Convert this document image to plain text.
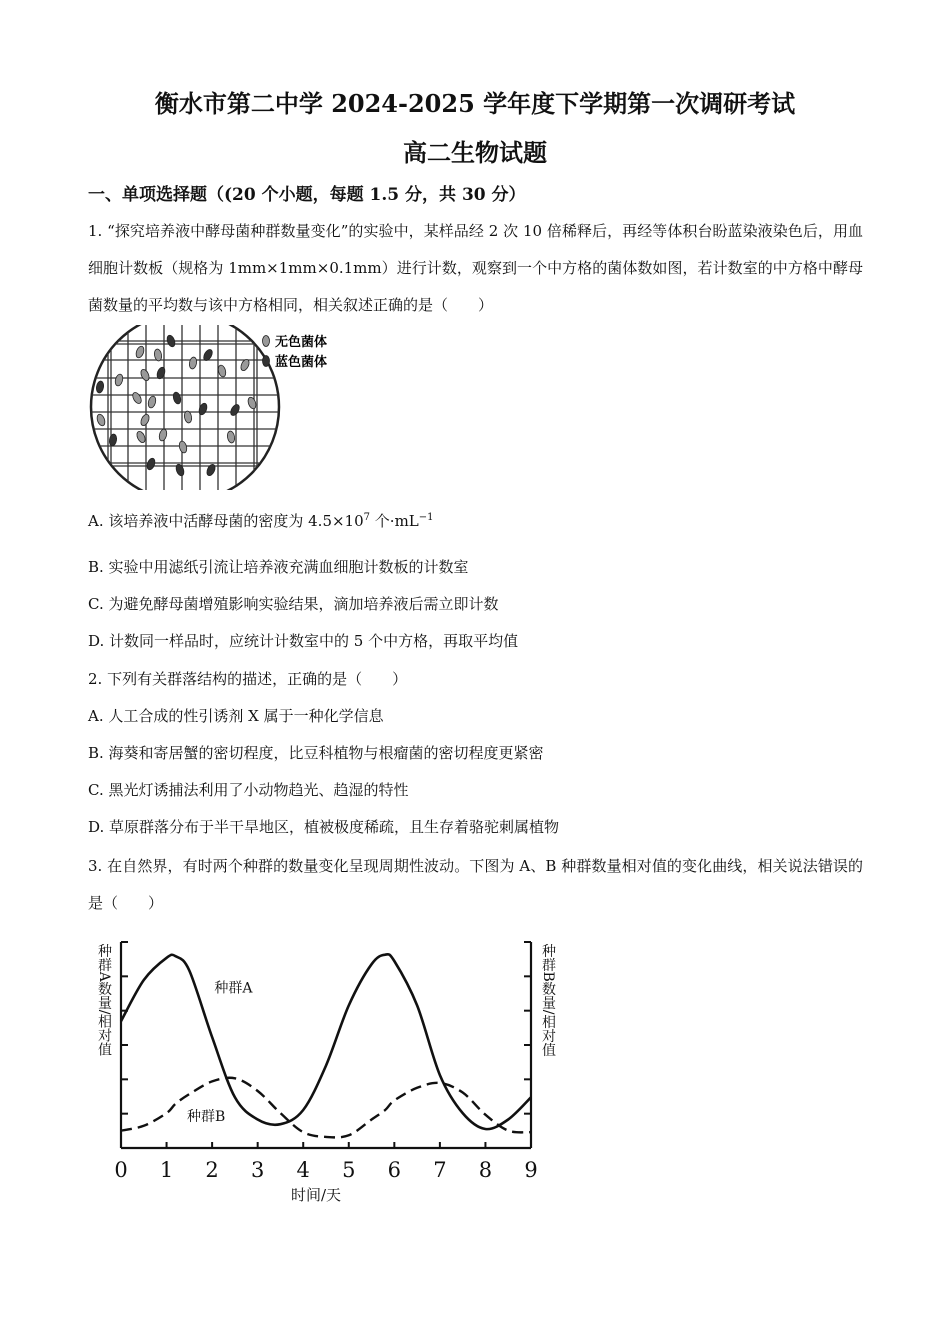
衡水市第二中学 2024-2025 学年度下学期第一次调研考试
高二生物试题
一、单项选择题（(20 个小题，每题 1.5 分，共 30 分）
1. “探究培养液中酵母菌种群数量变化”的实验中，某样品经 2 次 10 倍稀释后，再经等体积台盼蓝染液染色后，用血细胞计数板（规格为 1mm×1mm×0.1mm）进行计数，观察到一个中方格的菌体数如图，若计数室的中方格中酵母菌数量的平均数与该中方格相同，相关叙述正确的是（　　）
无色菌体
蓝色菌体
A. 该培养液中活酵母菌的密度为 $4.5\times 10^7$ 个$\cdot mL^{-1}$
B. 实验中用滤纸引流让培养液充满血细胞计数板的计数室
C. 为避免酵母菌增殖影响实验结果，滴加培养液后需立即计数
D. 计数同一样品时，应统计计数室中的 5 个中方格，再取平均值
2. 下列有关群落结构的描述，正确的是（　　）
A. 人工合成的性引诱剂 X 属于一种化学信息
B. 海葵和寄居蟹的密切程度，比豆科植物与根瘤菌的密切程度更紧密
C. 黑光灯诱捕法利用了小动物趋光、趋湿的特性
D. 草原群落分布于半干旱地区，植被极度稀疏，且生存着骆驼刺属植物
3. 在自然界，有时两个种群的数量变化呈现周期性波动。下图为 A、B 种群数量相对值的变化曲线，相关说法错误的是（　　）
0 1 2 3 4 5 6 7 8 9
种群A
种群B
时间/天
种群A数量/相对值	种群B数量/相对值
